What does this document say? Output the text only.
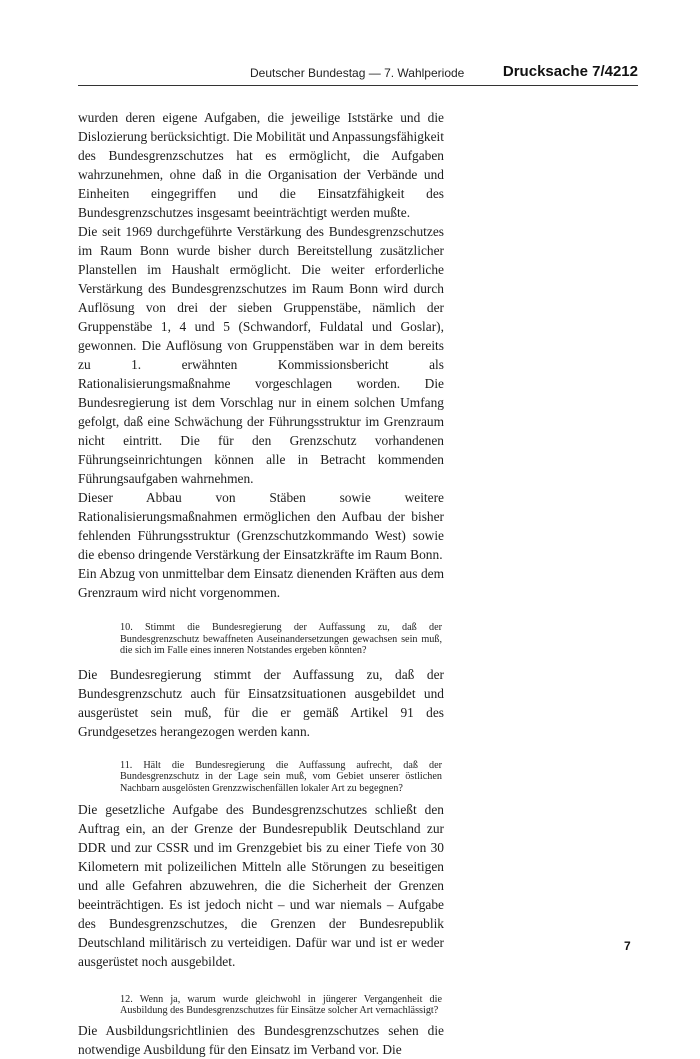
Deutscher Bundestag — 7. Wahlperiode	Drucksache 7/4212

wurden deren eigene Aufgaben, die jeweilige Iststärke und die Dislozierung berücksichtigt. Die Mobilität und Anpassungsfähigkeit des Bundesgrenzschutzes hat es ermöglicht, die Aufgaben wahrzunehmen, ohne daß in die Organisation der Verbände und Einheiten eingegriffen und die Einsatzfähigkeit des Bundesgrenzschutzes insgesamt beeinträchtigt werden mußte.

Die seit 1969 durchgeführte Verstärkung des Bundesgrenzschutzes im Raum Bonn wurde bisher durch Bereitstellung zusätzlicher Planstellen im Haushalt ermöglicht. Die weiter erforderliche Verstärkung des Bundesgrenzschutzes im Raum Bonn wird durch Auflösung von drei der sieben Gruppenstäbe, nämlich der Gruppenstäbe 1, 4 und 5 (Schwandorf, Fuldatal und Goslar), gewonnen. Die Auflösung von Gruppenstäben war in dem bereits zu 1. erwähnten Kommissionsbericht als Rationalisierungsmaßnahme vorgeschlagen worden. Die Bundesregierung ist dem Vorschlag nur in einem solchen Umfang gefolgt, daß eine Schwächung der Führungsstruktur im Grenzraum nicht eintritt. Die für den Grenzschutz vorhandenen Führungseinrichtungen können alle in Betracht kommenden Führungsaufgaben wahrnehmen.

Dieser Abbau von Stäben sowie weitere Rationalisierungsmaßnahmen ermöglichen den Aufbau der bisher fehlenden Führungsstruktur (Grenzschutzkommando West) sowie die ebenso dringende Verstärkung der Einsatzkräfte im Raum Bonn.

Ein Abzug von unmittelbar dem Einsatz dienenden Kräften aus dem Grenzraum wird nicht vorgenommen.

10. Stimmt die Bundesregierung der Auffassung zu, daß der Bundesgrenzschutz bewaffneten Auseinandersetzungen gewachsen sein muß, die sich im Falle eines inneren Notstandes ergeben könnten?

Die Bundesregierung stimmt der Auffassung zu, daß der Bundesgrenzschutz auch für Einsatzsituationen ausgebildet und ausgerüstet sein muß, für die er gemäß Artikel 91 des Grundgesetzes herangezogen werden kann.

11. Hält die Bundesregierung die Auffassung aufrecht, daß der Bundesgrenzschutz in der Lage sein muß, vom Gebiet unserer östlichen Nachbarn ausgelösten Grenzzwischenfällen lokaler Art zu begegnen?

Die gesetzliche Aufgabe des Bundesgrenzschutzes schließt den Auftrag ein, an der Grenze der Bundesrepublik Deutschland zur DDR und zur CSSR und im Grenzgebiet bis zu einer Tiefe von 30 Kilometern mit polizeilichen Mitteln alle Störungen zu beseitigen und alle Gefahren abzuwehren, die die Sicherheit der Grenzen beeinträchtigen. Es ist jedoch nicht – und war niemals – Aufgabe des Bundesgrenzschutzes, die Grenzen der Bundesrepublik Deutschland militärisch zu verteidigen. Dafür war und ist er weder ausgerüstet noch ausgebildet.

12. Wenn ja, warum wurde gleichwohl in jüngerer Vergangenheit die Ausbildung des Bundesgrenzschutzes für Einsätze solcher Art vernachlässigt?

Die Ausbildungsrichtlinien des Bundesgrenzschutzes sehen die notwendige Ausbildung für den Einsatz im Verband vor. Die

7
